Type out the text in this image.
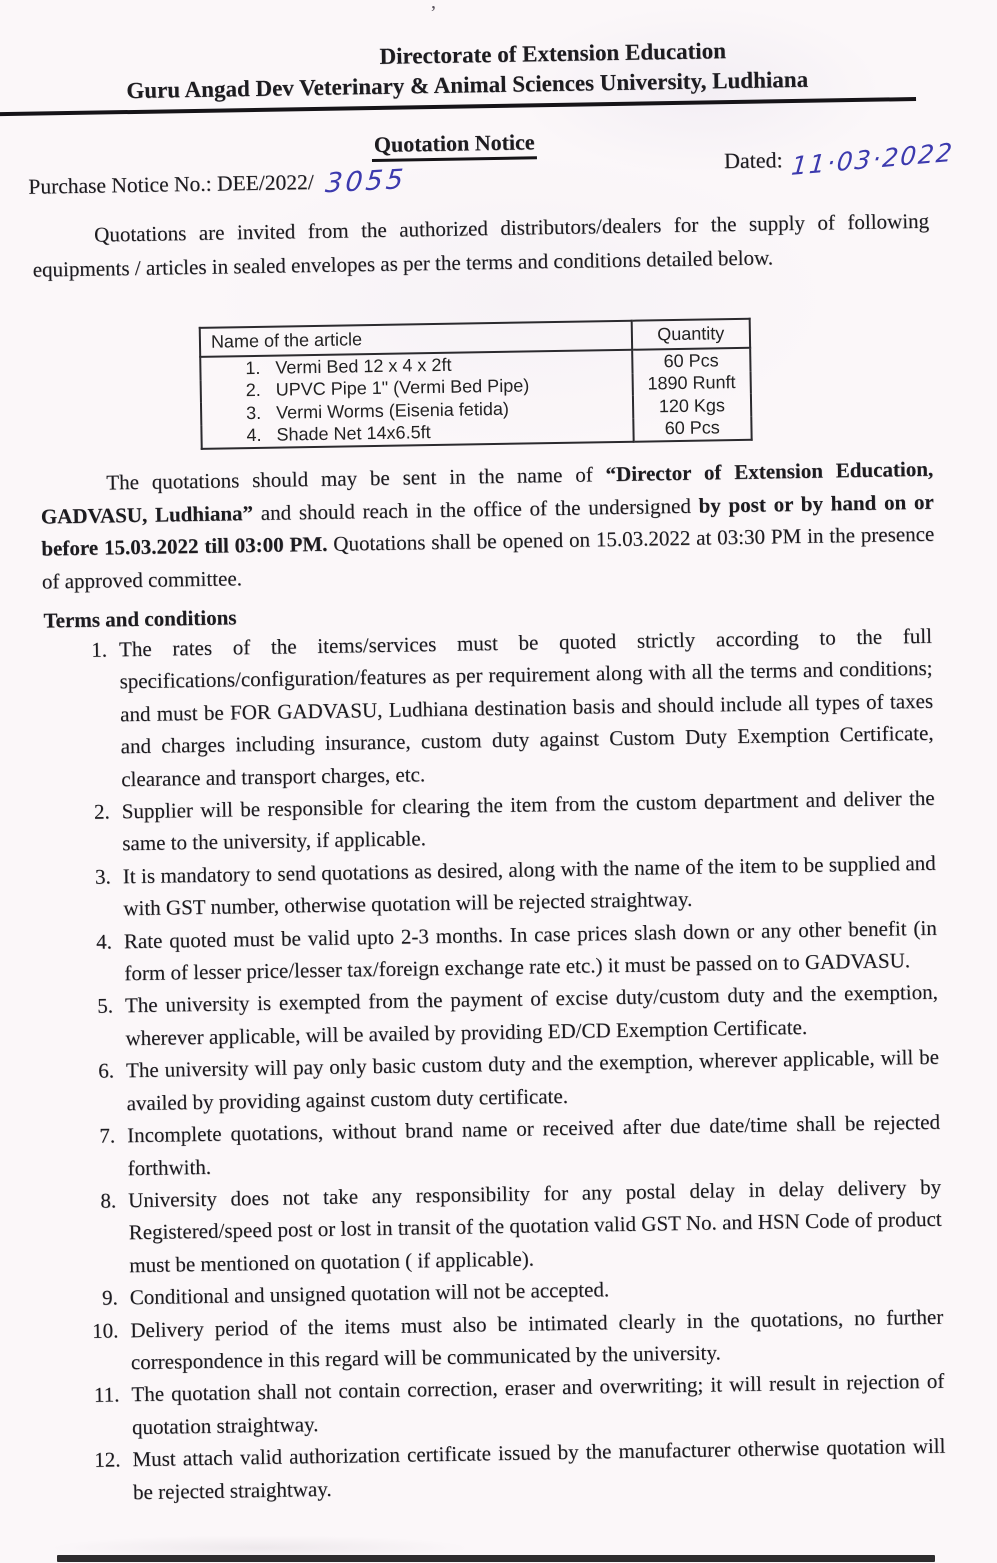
’
Directorate of Extension Education
Guru Angad Dev Veterinary & Animal Sciences University, Ludhiana
Quotation Notice
Purchase Notice No.: DEE/2022/ 3055
Dated: 11·03·2022
Quotations are invited from the authorized distributors/dealers for the supply of following equipments / articles in sealed envelopes as per the terms and conditions detailed below.
Name of the article	Quantity
1. Vermi Bed 12 x 4 x 2ft	60 Pcs
2. UPVC Pipe 1" (Vermi Bed Pipe)	1890 Runft
3. Vermi Worms (Eisenia fetida)	120 Kgs
4. Shade Net 14x6.5ft	60 Pcs
The quotations should may be sent in the name of “Director of Extension Education, GADVASU, Ludhiana” and should reach in the office of the undersigned by post or by hand on or before 15.03.2022 till 03:00 PM. Quotations shall be opened on 15.03.2022 at 03:30 PM in the presence of approved committee.
Terms and conditions
1. The rates of the items/services must be quoted strictly according to the full specifications/configuration/features as per requirement along with all the terms and conditions; and must be FOR GADVASU, Ludhiana destination basis and should include all types of taxes and charges including insurance, custom duty against Custom Duty Exemption Certificate, clearance and transport charges, etc.
2. Supplier will be responsible for clearing the item from the custom department and deliver the same to the university, if applicable.
3. It is mandatory to send quotations as desired, along with the name of the item to be supplied and with GST number, otherwise quotation will be rejected straightway.
4. Rate quoted must be valid upto 2-3 months. In case prices slash down or any other benefit (in form of lesser price/lesser tax/foreign exchange rate etc.) it must be passed on to GADVASU.
5. The university is exempted from the payment of excise duty/custom duty and the exemption, wherever applicable, will be availed by providing ED/CD Exemption Certificate.
6. The university will pay only basic custom duty and the exemption, wherever applicable, will be availed by providing against custom duty certificate.
7. Incomplete quotations, without brand name or received after due date/time shall be rejected forthwith.
8. University does not take any responsibility for any postal delay in delay delivery by Registered/speed post or lost in transit of the quotation valid GST No. and HSN Code of product must be mentioned on quotation ( if applicable).
9. Conditional and unsigned quotation will not be accepted.
10. Delivery period of the items must also be intimated clearly in the quotations, no further correspondence in this regard will be communicated by the university.
11. The quotation shall not contain correction, eraser and overwriting; it will result in rejection of quotation straightway.
12. Must attach valid authorization certificate issued by the manufacturer otherwise quotation will be rejected straightway.
